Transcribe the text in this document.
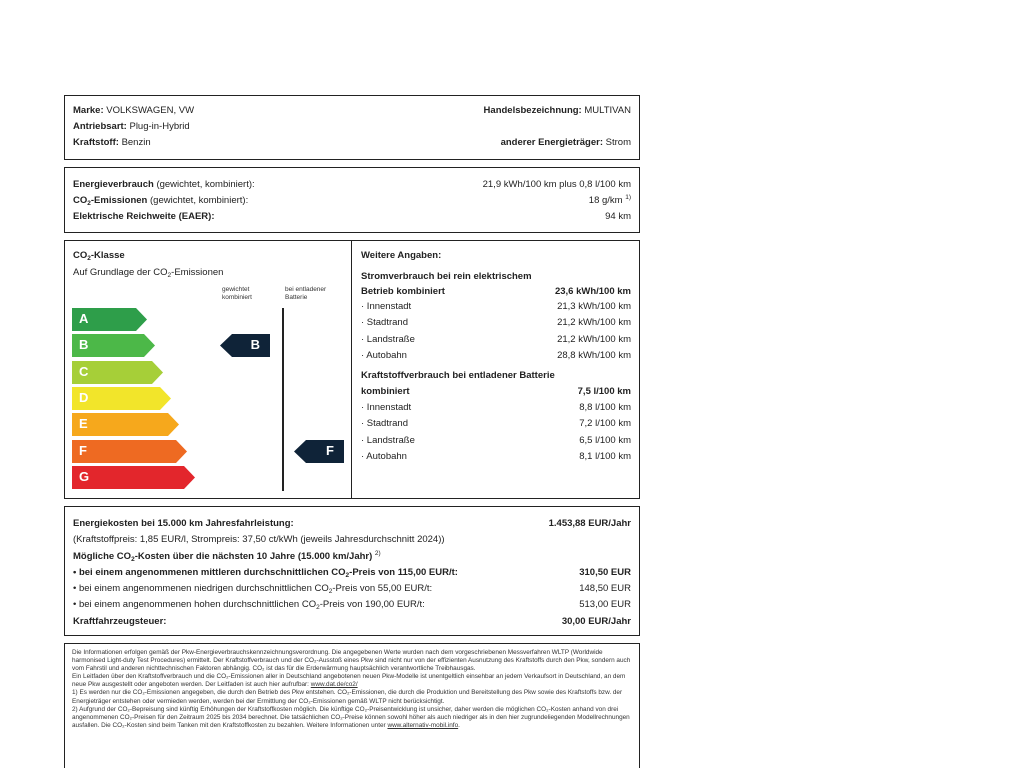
Marke: VOLKSWAGEN, VW	Handelsbezeichnung: MULTIVAN
Antriebsart: Plug-in-Hybrid
Kraftstoff: Benzin	anderer Energieträger: Strom
Energieverbrauch (gewichtet, kombiniert):	21,9 kWh/100 km plus 0,8 l/100 km
$CO_2$-Emissionen (gewichtet, kombiniert):	18 g/km $^{1)}$
Elektrische Reichweite (EAER):	94 km
$CO_2$-Klasse
Auf Grundlage der $CO_2$-Emissionen
gewichtet
kombiniert
bei entladener
Batterie
A
B
C
D
E
F
G
B
F
Weitere Angaben:
Stromverbrauch bei rein elektrischem
Betrieb kombiniert	23,6 kWh/100 km
· Innenstadt	21,3 kWh/100 km
· Stadtrand	21,2 kWh/100 km
· Landstraße	21,2 kWh/100 km
· Autobahn	28,8 kWh/100 km
Kraftstoffverbrauch bei entladener Batterie
kombiniert	7,5 l/100 km
· Innenstadt	8,8 l/100 km
· Stadtrand	7,2 l/100 km
· Landstraße	6,5 l/100 km
· Autobahn	8,1 l/100 km
Energiekosten bei 15.000 km Jahresfahrleistung:	1.453,88 EUR/Jahr
(Kraftstoffpreis: 1,85 EUR/l, Strompreis: 37,50 ct/kWh (jeweils Jahresdurchschnitt 2024))
Mögliche $CO_2$-Kosten über die nächsten 10 Jahre (15.000 km/Jahr) $^{2)}$
• bei einem angenommenen mittleren durchschnittlichen $CO_2$-Preis von 115,00 EUR/t:	310,50 EUR
• bei einem angenommenen niedrigen durchschnittlichen $CO_2$-Preis von 55,00 EUR/t:	148,50 EUR
• bei einem angenommenen hohen durchschnittlichen $CO_2$-Preis von 190,00 EUR/t:	513,00 EUR
Kraftfahrzeugsteuer:	30,00 EUR/Jahr

Die Informationen erfolgen gemäß der Pkw-Energieverbrauchskennzeichnungsverordnung. Die angegebenen Werte wurden nach dem vorgeschriebenen Messverfahren WLTP (Worldwide harmonised Light-duty Test Procedures) ermittelt. Der Kraftstoffverbrauch und der CO₂-Ausstoß eines Pkw sind nicht nur von der effizienten Ausnutzung des Kraftstoffs durch den Pkw, sondern auch vom Fahrstil und anderen nichttechnischen Faktoren abhängig. CO₂ ist das für die Erderwärmung hauptsächlich verantwortliche Treibhausgas.

Ein Leitfaden über den Kraftstoffverbrauch und die CO₂-Emissionen aller in Deutschland angebotenen neuen Pkw-Modelle ist unentgeltlich einsehbar an jedem Verkaufsort in Deutschland, an dem neue Pkw ausgestellt oder angeboten werden. Der Leitfaden ist auch hier aufrufbar: www.dat.de/co2/

1) Es werden nur die CO₂-Emissionen angegeben, die durch den Betrieb des Pkw entstehen. CO₂-Emissionen, die durch die Produktion und Bereitstellung des Pkw sowie des Kraftstoffs bzw. der Energieträger entstehen oder vermieden werden, werden bei der Ermittlung der CO₂-Emissionen gemäß WLTP nicht berücksichtigt.

2) Aufgrund der CO₂-Bepreisung sind künftig Erhöhungen der Kraftstoffkosten möglich. Die künftige CO₂-Preisentwicklung ist unsicher, daher werden die möglichen CO₂-Kosten anhand von drei angenommenen CO₂-Preisen für den Zeitraum 2025 bis 2034 berechnet. Die tatsächlichen CO₂-Preise können sowohl höher als auch niedriger als in den hier zugrundeliegenden Modellrechnungen ausfallen. Die CO₂-Kosten sind beim Tanken mit den Kraftstoffkosten zu bezahlen. Weitere Informationen unter www.alternativ-mobil.info.
